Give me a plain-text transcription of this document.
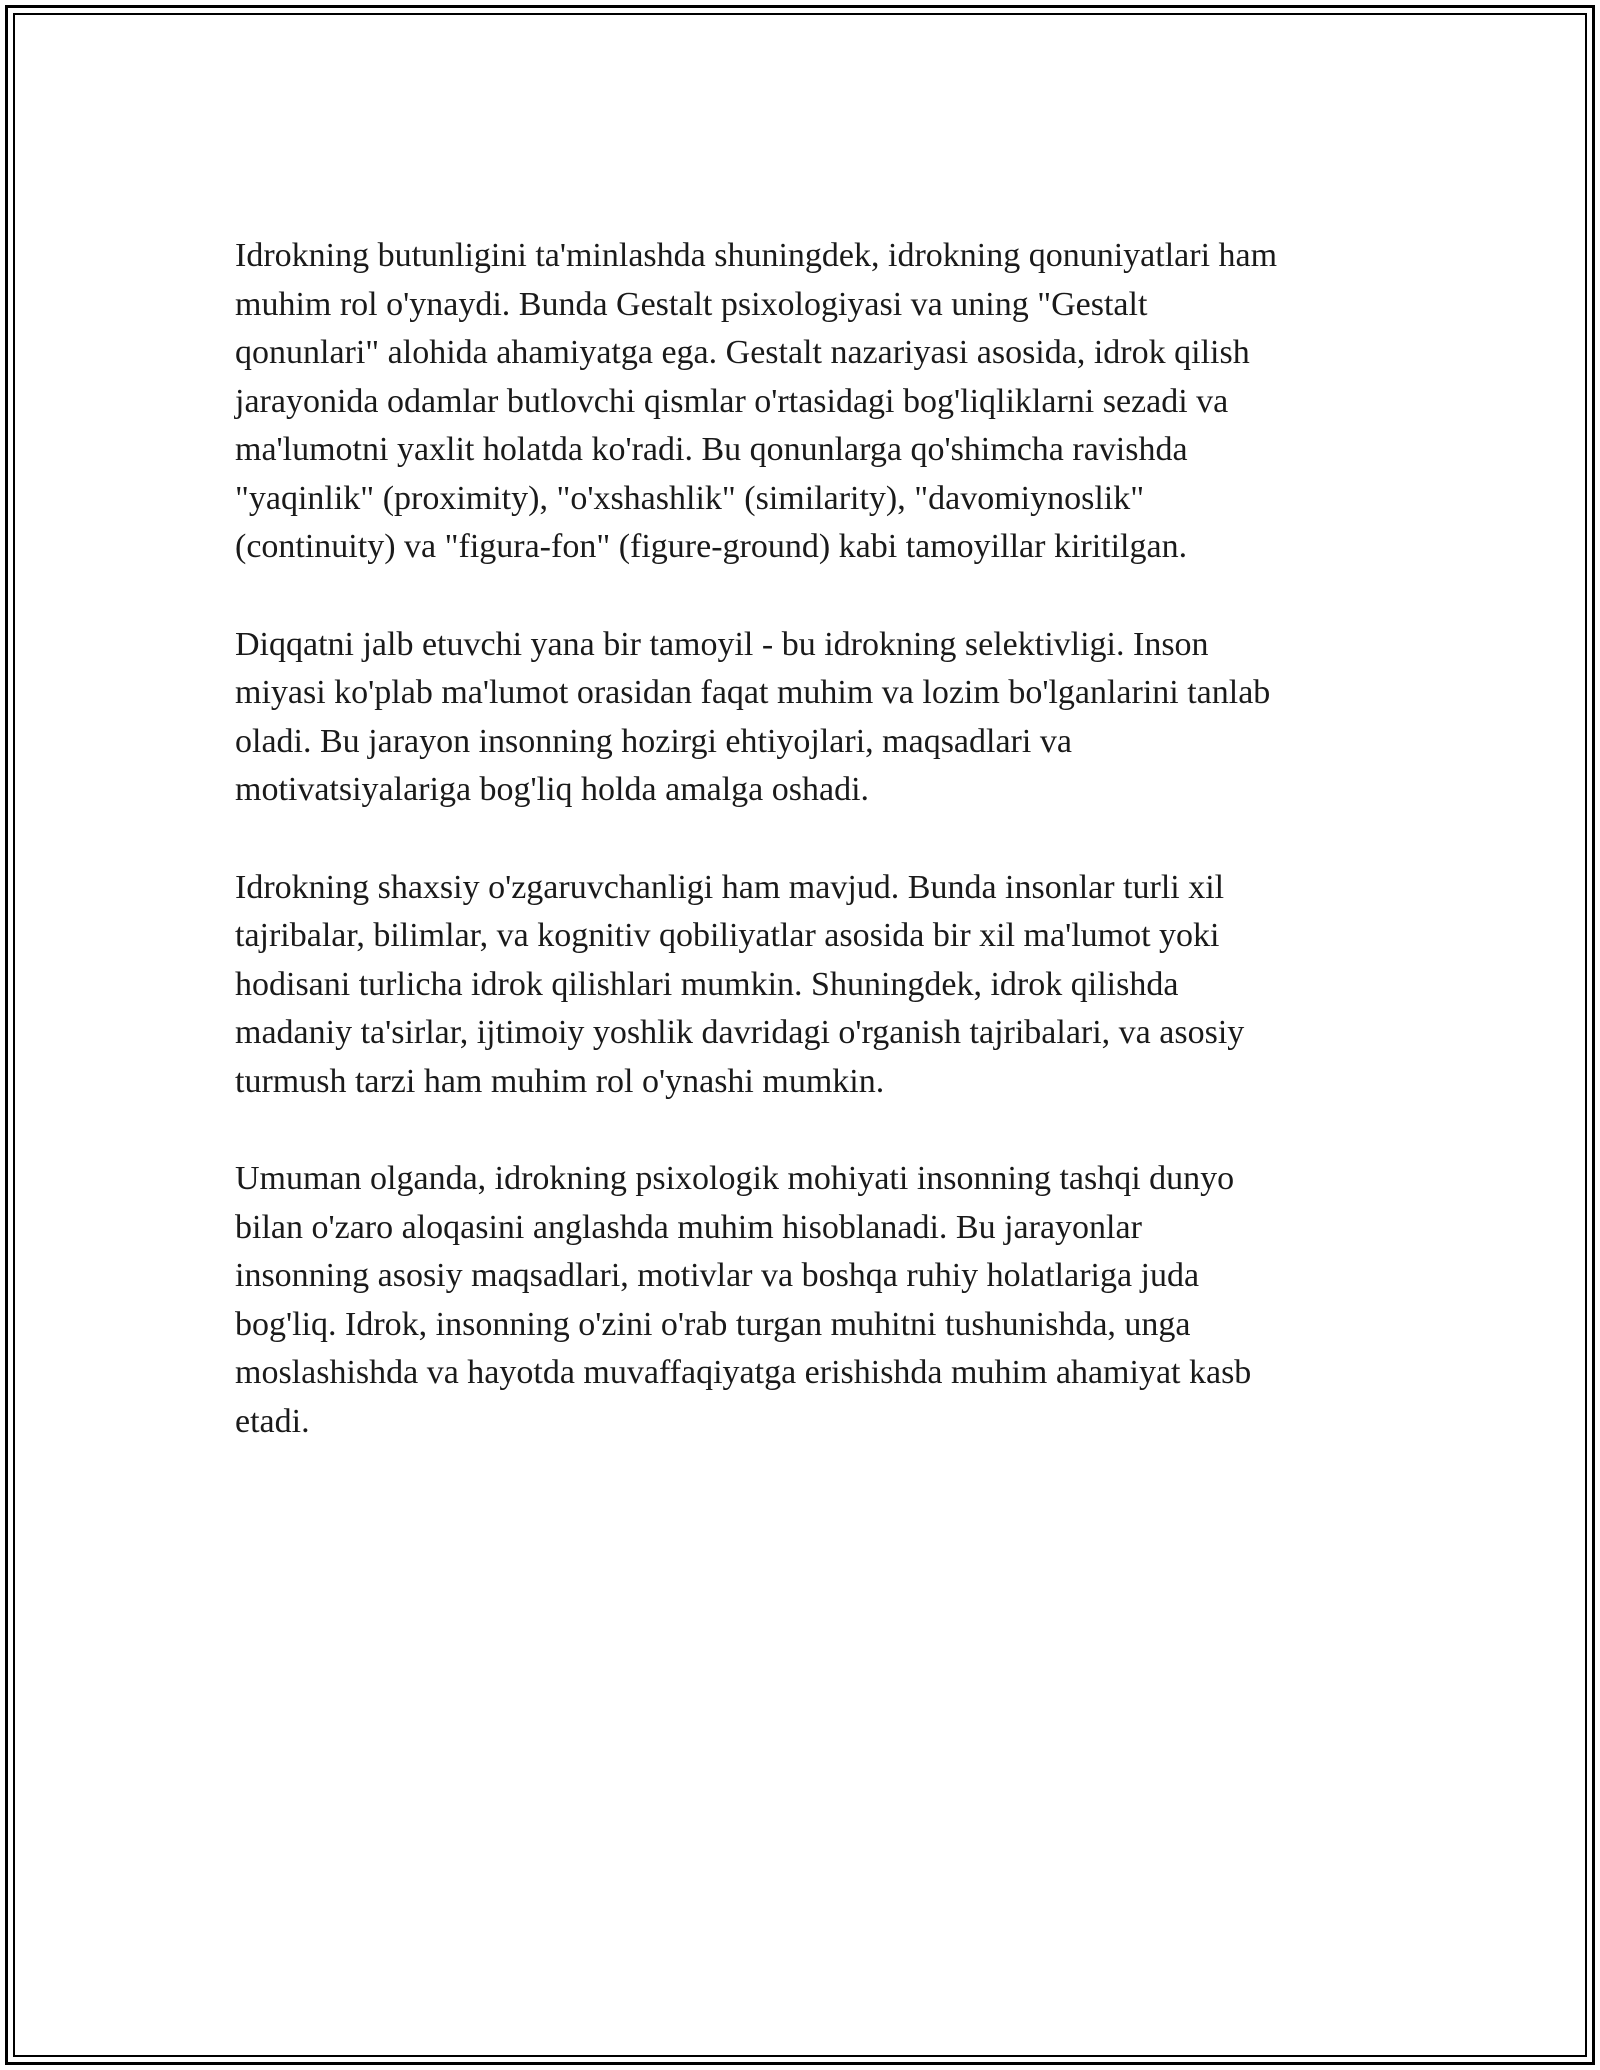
Idrokning butunligini ta'minlashda shuningdek, idrokning qonuniyatlari ham
muhim rol o'ynaydi. Bunda Gestalt psixologiyasi va uning "Gestalt
qonunlari" alohida ahamiyatga ega. Gestalt nazariyasi asosida, idrok qilish
jarayonida odamlar butlovchi qismlar o'rtasidagi bog'liqliklarni sezadi va
ma'lumotni yaxlit holatda ko'radi. Bu qonunlarga qo'shimcha ravishda
"yaqinlik" (proximity), "o'xshashlik" (similarity), "davomiynoslik"
(continuity) va "figura-fon" (figure-ground) kabi tamoyillar kiritilgan.

Diqqatni jalb etuvchi yana bir tamoyil - bu idrokning selektivligi. Inson
miyasi ko'plab ma'lumot orasidan faqat muhim va lozim bo'lganlarini tanlab
oladi. Bu jarayon insonning hozirgi ehtiyojlari, maqsadlari va
motivatsiyalariga bog'liq holda amalga oshadi.

Idrokning shaxsiy o'zgaruvchanligi ham mavjud. Bunda insonlar turli xil
tajribalar, bilimlar, va kognitiv qobiliyatlar asosida bir xil ma'lumot yoki
hodisani turlicha idrok qilishlari mumkin. Shuningdek, idrok qilishda
madaniy ta'sirlar, ijtimoiy yoshlik davridagi o'rganish tajribalari, va asosiy
turmush tarzi ham muhim rol o'ynashi mumkin.

Umuman olganda, idrokning psixologik mohiyati insonning tashqi dunyo
bilan o'zaro aloqasini anglashda muhim hisoblanadi. Bu jarayonlar
insonning asosiy maqsadlari, motivlar va boshqa ruhiy holatlariga juda
bog'liq. Idrok, insonning o'zini o'rab turgan muhitni tushunishda, unga
moslashishda va hayotda muvaffaqiyatga erishishda muhim ahamiyat kasb
etadi.
